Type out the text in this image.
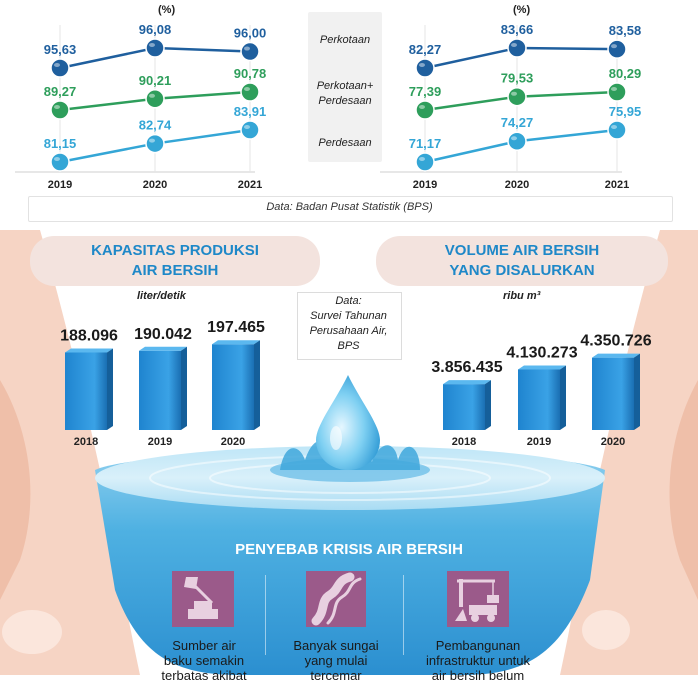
(%)	(%)
2019	2020	2021
95,63
96,08	96,00
89,27
90,21	90,78
81,15
82,74
83,91
2019	2020	2021
82,27
83,66	83,58
77,39
79,53	80,29
71,17
74,27
75,95
Perkotaan
Perkotaan+
Perdesaan
Perdesaan
Data: Badan Pusat Statistik (BPS)
KAPASITAS PRODUKSI
AIR BERSIH
VOLUME AIR BERSIH
YANG DISALURKAN
liter/detik	ribu m³
Data:
Survei Tahunan
Perusahaan Air,
BPS
188.096
2018
190.042
2019
197.465
2020
3.856.435
2018
4.130.273
2019
4.350.726
2020
PENYEBAB KRISIS AIR BERSIH
Sumber air
baku semakin
terbatas akibat
Banyak sungai
yang mulai
tercemar
Pembangunan
infrastruktur untuk
air bersih belum
